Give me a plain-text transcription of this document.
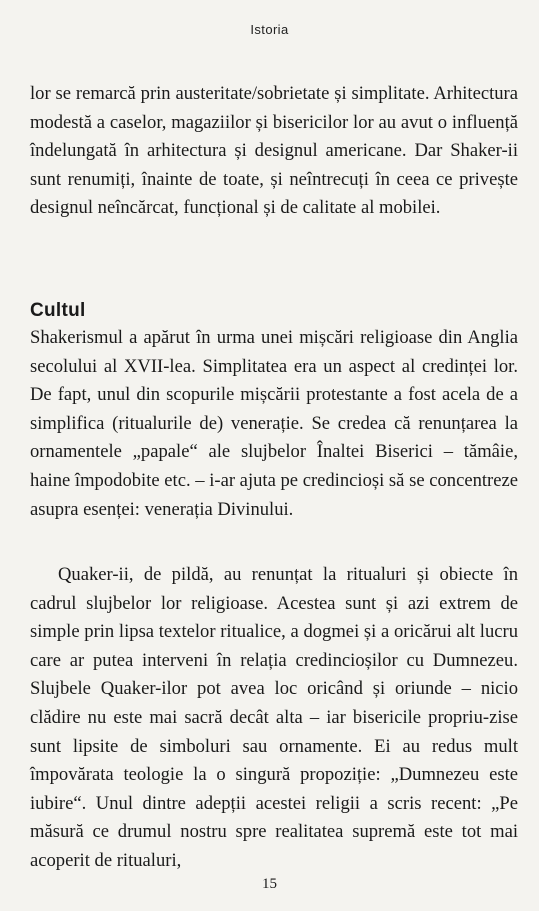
Istoria

lor se remarcă prin austeritate/sobrietate și simplitate. Arhitectura modestă a caselor, magaziilor și bisericilor lor au avut o influență îndelungată în arhitectura și designul americane. Dar Shaker-ii sunt renumiți, înainte de toate, și neîntrecuți în ceea ce privește designul neîncărcat, funcțional și de calitate al mobilei.

Cultul

Shakerismul a apărut în urma unei mișcări religioase din Anglia secolului al XVII-lea. Simplitatea era un aspect al credinței lor. De fapt, unul din scopurile mișcării protestante a fost acela de a simplifica (ritualurile de) venerație. Se credea că renunțarea la ornamentele „papale“ ale slujbelor Înaltei Biserici – tămâie, haine împodobite etc. – i-ar ajuta pe credincioși să se concentreze asupra esenței: venerația Divinului.

Quaker-ii, de pildă, au renunțat la ritualuri și obiecte în cadrul slujbelor lor religioase. Acestea sunt și azi extrem de simple prin lipsa textelor ritualice, a dogmei și a oricărui alt lucru care ar putea interveni în relația credincioșilor cu Dumnezeu. Slujbele Quaker-ilor pot avea loc oricând și oriunde – nicio clădire nu este mai sacră decât alta – iar bisericile propriu-zise sunt lipsite de simboluri sau ornamente. Ei au redus mult împovărata teologie la o singură propoziție: „Dumnezeu este iubire“. Unul dintre adepții acestei religii a scris recent: „Pe măsură ce drumul nostru spre realitatea supremă este tot mai acoperit de ritualuri,

15
